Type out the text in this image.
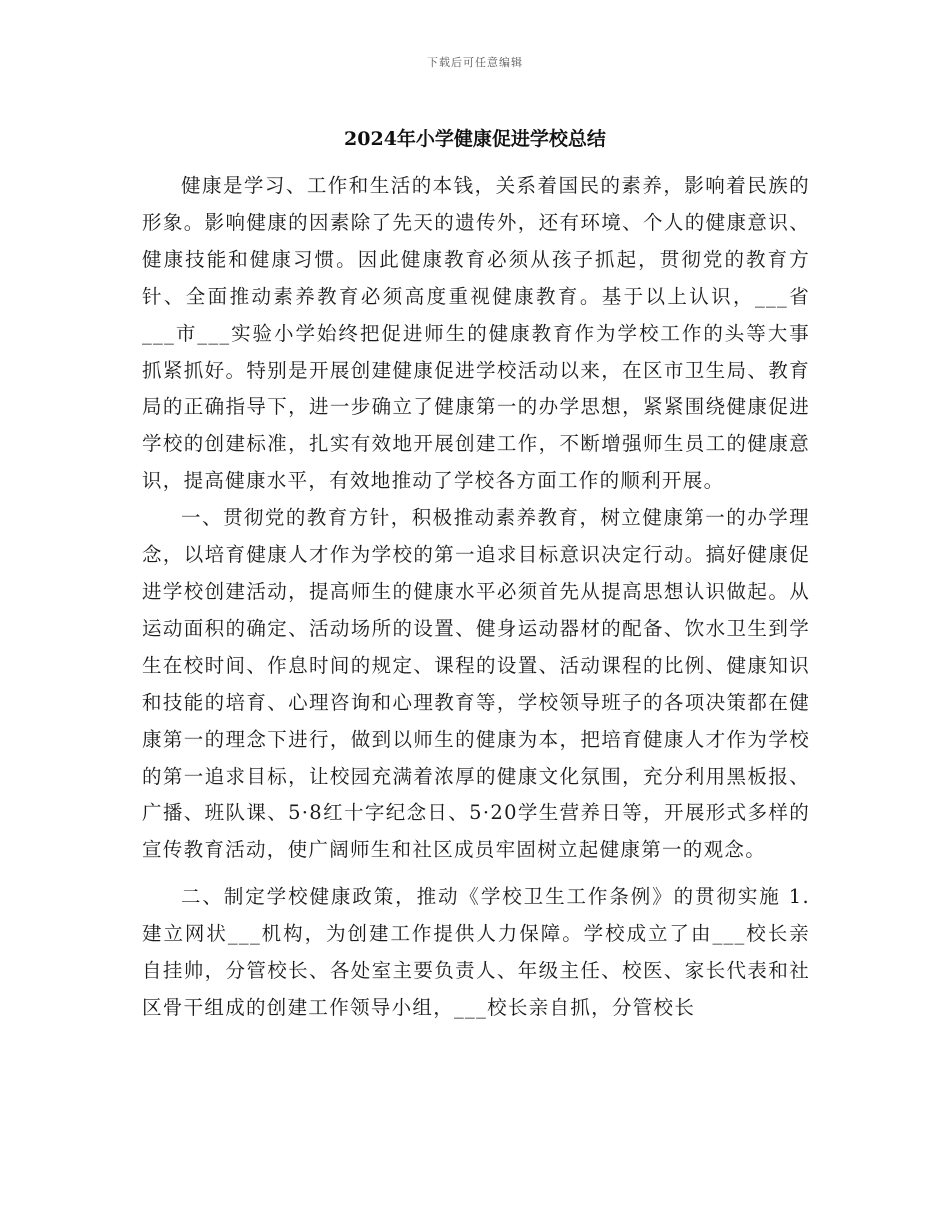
下载后可任意编辑
2024年小学健康促进学校总结

健康是学习、工作和生活的本钱，关系着国民的素养，影响着民族的形象。影响健康的因素除了先天的遗传外，还有环境、个人的健康意识、健康技能和健康习惯。因此健康教育必须从孩子抓起，贯彻党的教育方针、全面推动素养教育必须高度重视健康教育。基于以上认识，___省___市___实验小学始终把促进师生的健康教育作为学校工作的头等大事抓紧抓好。特别是开展创建健康促进学校活动以来，在区市卫生局、教育局的正确指导下，进一步确立了健康第一的办学思想，紧紧围绕健康促进学校的创建标准，扎实有效地开展创建工作，不断增强师生员工的健康意识，提高健康水平，有效地推动了学校各方面工作的顺利开展。

一、贯彻党的教育方针，积极推动素养教育，树立健康第一的办学理念，以培育健康人才作为学校的第一追求目标意识决定行动。搞好健康促进学校创建活动，提高师生的健康水平必须首先从提高思想认识做起。从运动面积的确定、活动场所的设置、健身运动器材的配备、饮水卫生到学生在校时间、作息时间的规定、课程的设置、活动课程的比例、健康知识和技能的培育、心理咨询和心理教育等，学校领导班子的各项决策都在健康第一的理念下进行，做到以师生的健康为本，把培育健康人才作为学校的第一追求目标，让校园充满着浓厚的健康文化氛围，充分利用黑板报、广播、班队课、5·8红十字纪念日、5·20学生营养日等，开展形式多样的宣传教育活动，使广阔师生和社区成员牢固树立起健康第一的观念。

二、制定学校健康政策，推动《学校卫生工作条例》的贯彻实施 1.建立网状___机构，为创建工作提供人力保障。学校成立了由___校长亲自挂帅，分管校长、各处室主要负责人、年级主任、校医、家长代表和社区骨干组成的创建工作领导小组，___校长亲自抓，分管校长
